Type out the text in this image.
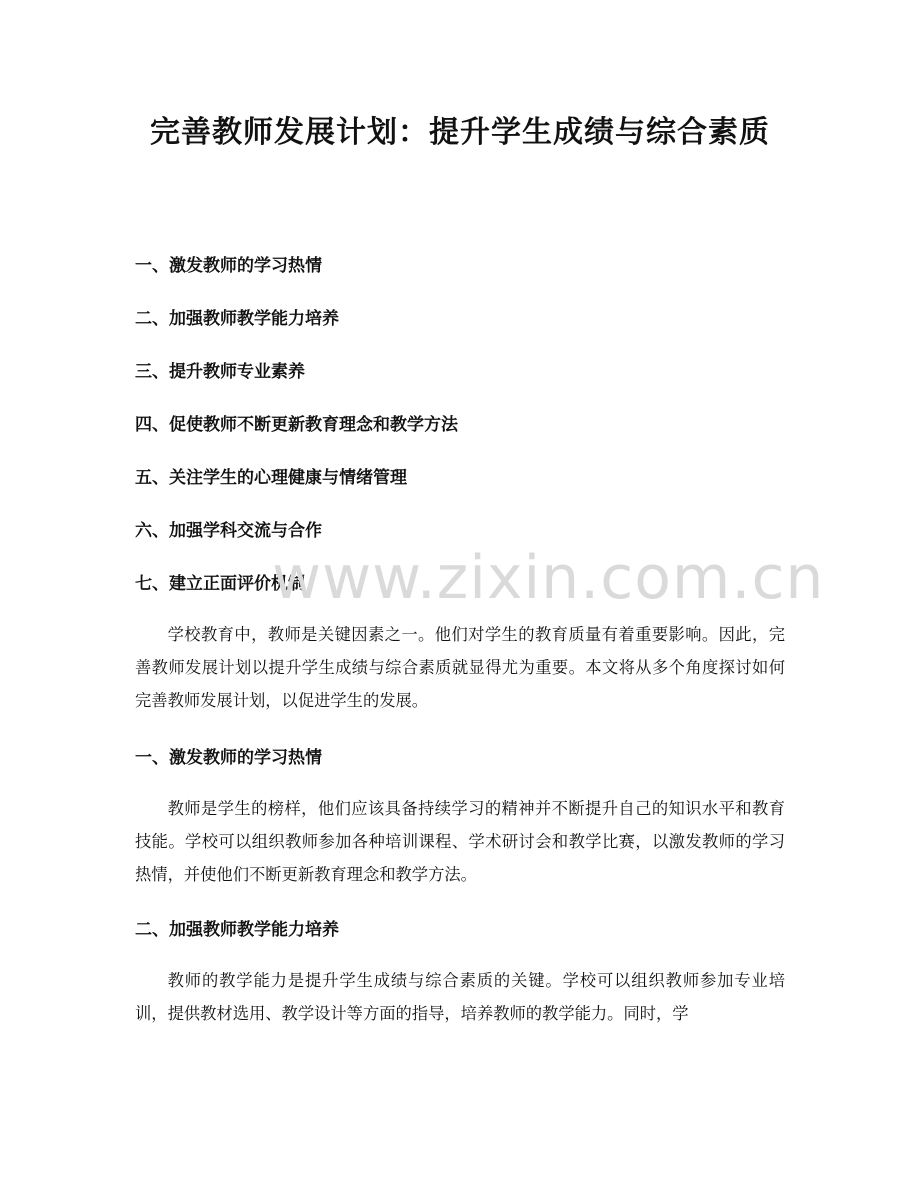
完善教师发展计划：提升学生成绩与综合素质
一、激发教师的学习热情
二、加强教师教学能力培养
三、提升教师专业素养
四、促使教师不断更新教育理念和教学方法
五、关注学生的心理健康与情绪管理
六、加强学科交流与合作
七、建立正面评价机制

学校教育中，教师是关键因素之一。他们对学生的教育质量有着重要影响。因此，完善教师发展计划以提升学生成绩与综合素质就显得尤为重要。本文将从多个角度探讨如何完善教师发展计划，以促进学生的发展。

一、激发教师的学习热情

教师是学生的榜样，他们应该具备持续学习的精神并不断提升自己的知识水平和教育技能。学校可以组织教师参加各种培训课程、学术研讨会和教学比赛，以激发教师的学习热情，并使他们不断更新教育理念和教学方法。

二、加强教师教学能力培养

教师的教学能力是提升学生成绩与综合素质的关键。学校可以组织教师参加专业培训，提供教材选用、教学设计等方面的指导，培养教师的教学能力。同时，学

www.zixin.com.cn
